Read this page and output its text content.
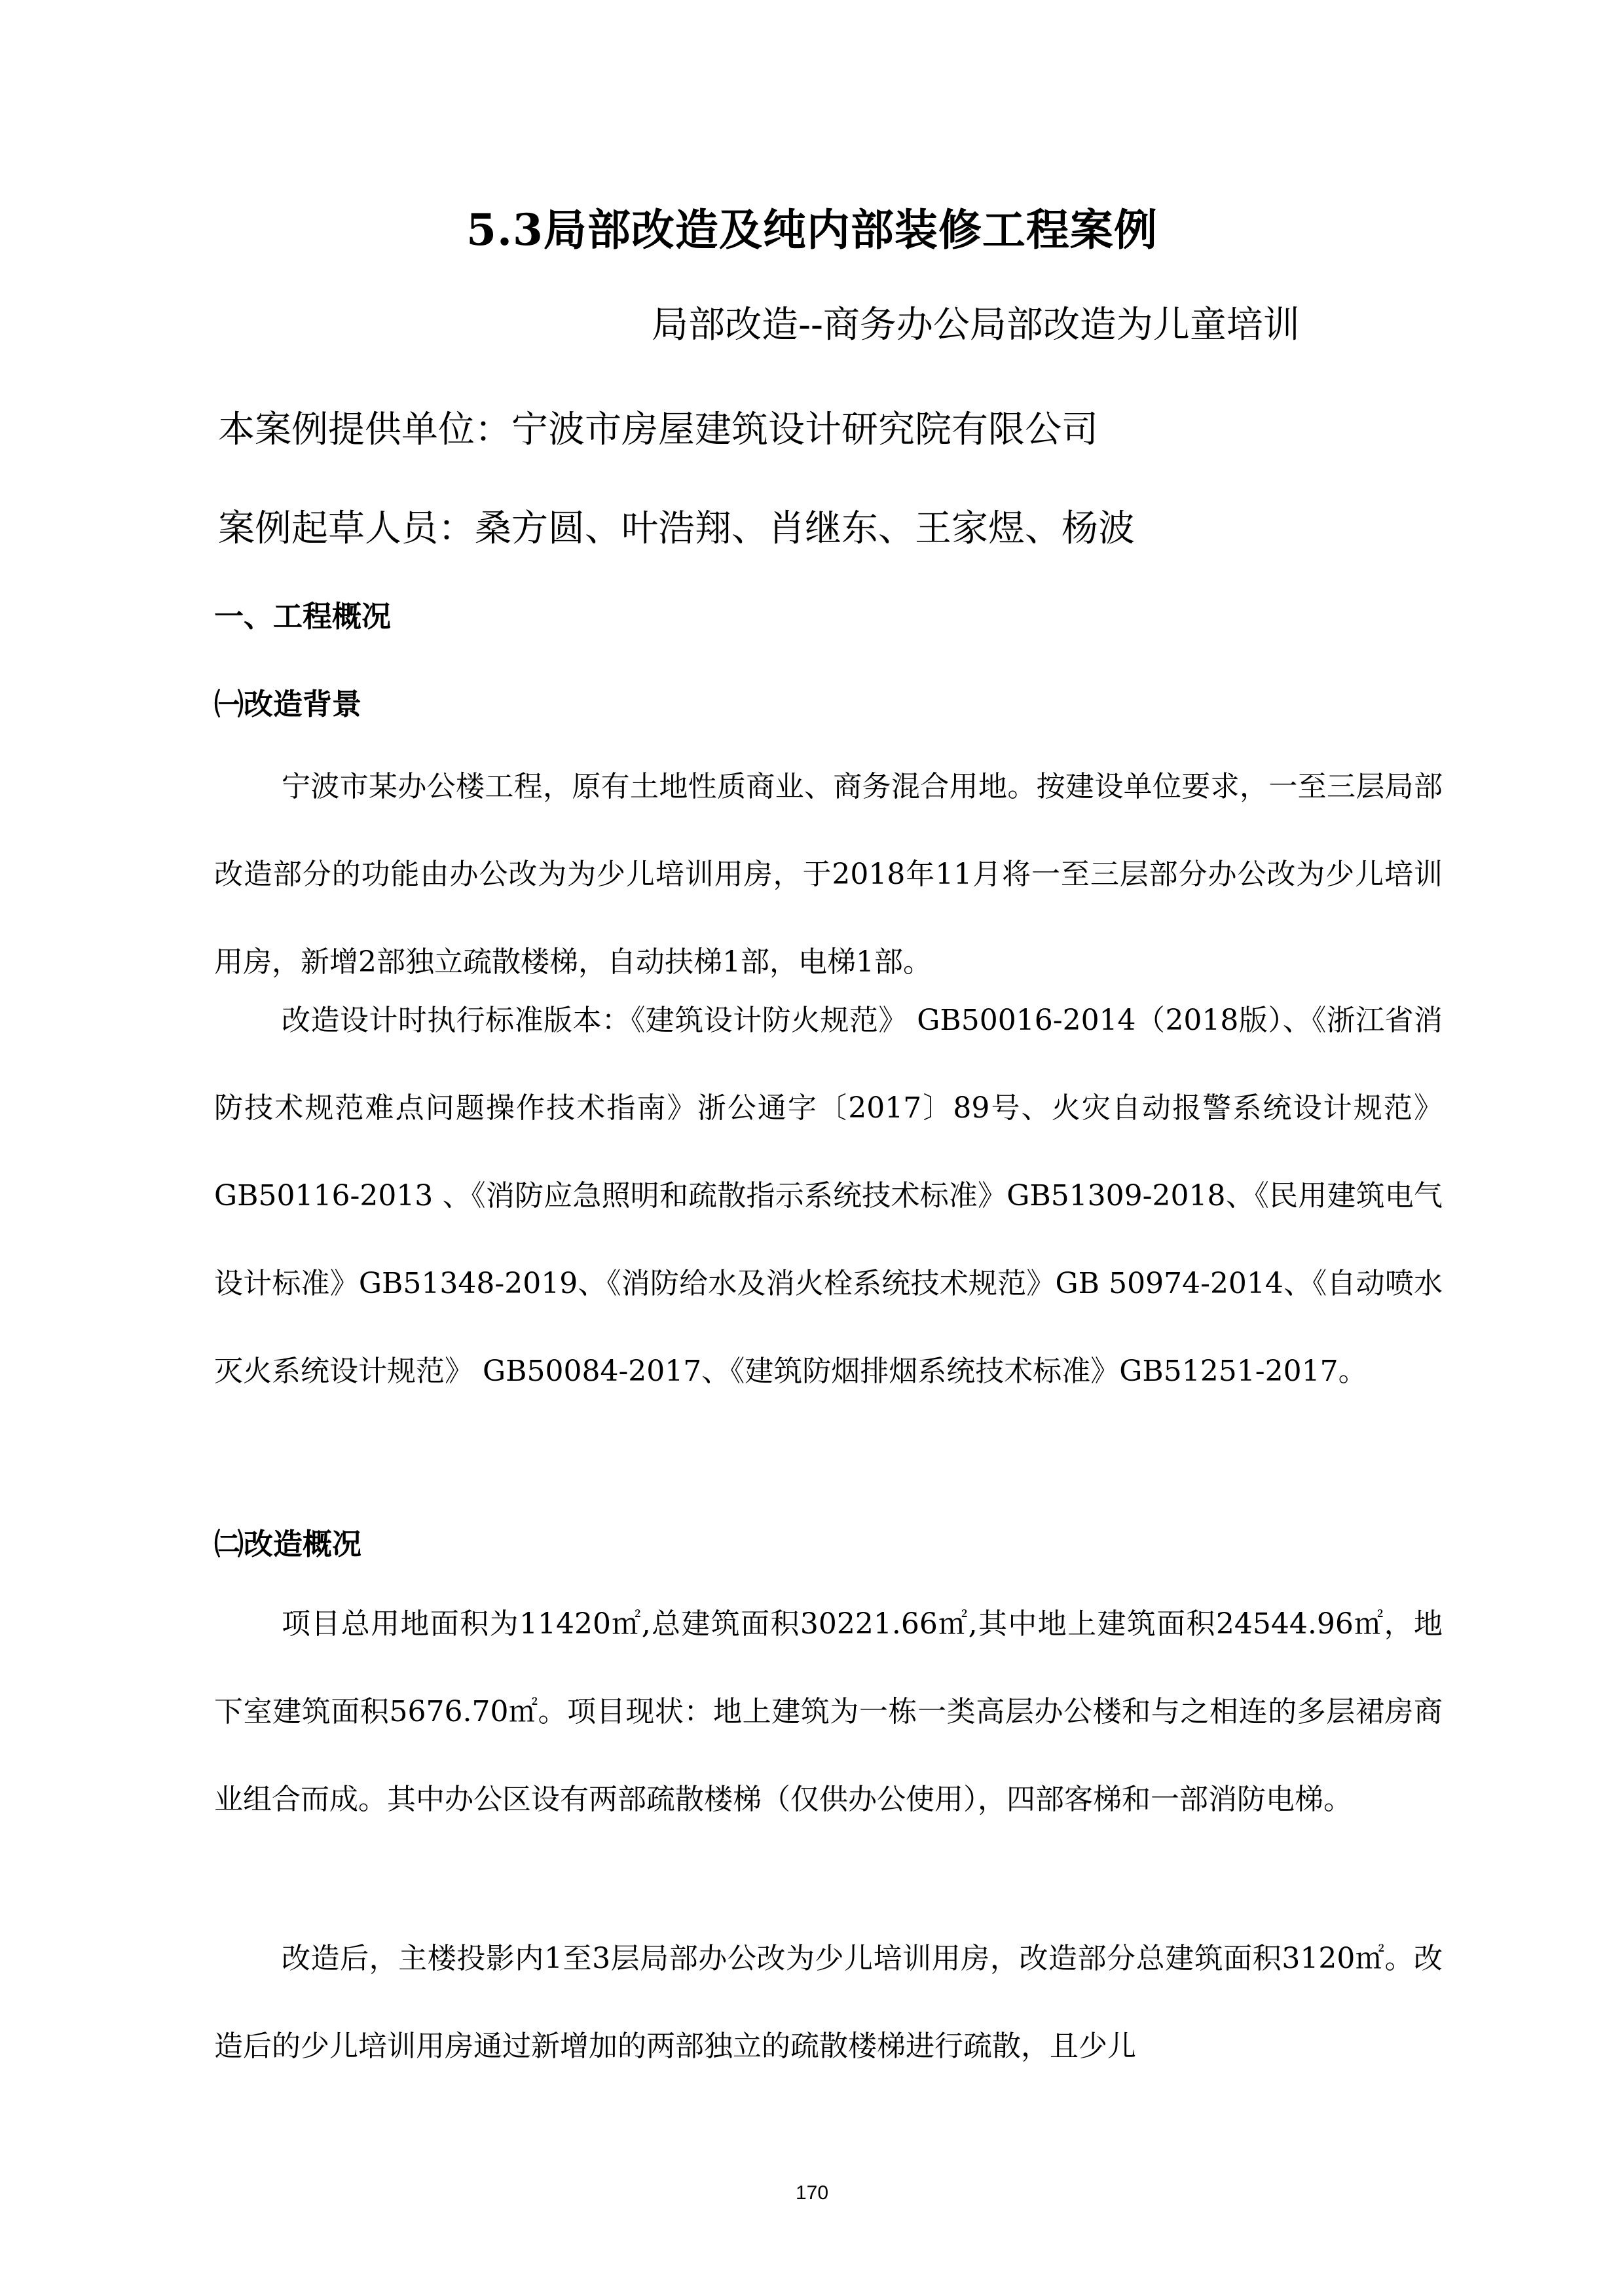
5.3局部改造及纯内部装修工程案例
局部改造--商务办公局部改造为儿童培训
本案例提供单位：宁波市房屋建筑设计研究院有限公司
案例起草人员：桑方圆、叶浩翔、肖继东、王家煜、杨波
一、工程概况
㈠改造背景

宁波市某办公楼工程，原有土地性质商业、商务混合用地。按建设单位要求，一至三层局部改造部分的功能由办公改为为少儿培训用房，于2018年11月将一至三层部分办公改为少儿培训用房，新增2部独立疏散楼梯，自动扶梯1部，电梯1部。

改造设计时执行标准版本：《建筑设计防火规范》 GB50016-2014（2018版）、《浙江省消防技术规范难点问题操作技术指南》浙公通字〔2017〕89号、火灾自动报警系统设计规范》GB50116-2013 、《消防应急照明和疏散指示系统技术标准》GB51309-2018、《民用建筑电气设计标准》GB51348-2019、《消防给水及消火栓系统技术规范》GB 50974-2014、《自动喷水灭火系统设计规范》 GB50084-2017、《建筑防烟排烟系统技术标准》GB51251-2017。

㈡改造概况

项目总用地面积为11420㎡,总建筑面积30221.66㎡,其中地上建筑面积24544.96㎡，地下室建筑面积5676.70㎡。项目现状：地上建筑为一栋一类高层办公楼和与之相连的多层裙房商业组合而成。其中办公区设有两部疏散楼梯（仅供办公使用），四部客梯和一部消防电梯。

改造后，主楼投影内1至3层局部办公改为少儿培训用房，改造部分总建筑面积3120㎡。改造后的少儿培训用房通过新增加的两部独立的疏散楼梯进行疏散，且少儿

170
